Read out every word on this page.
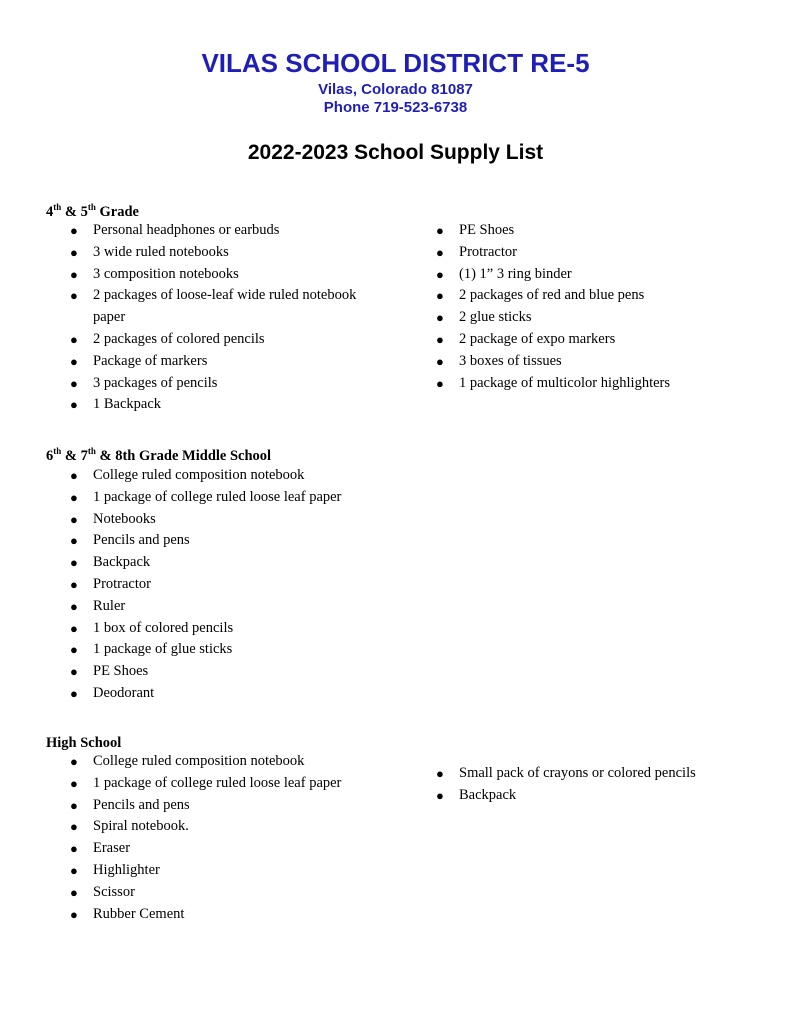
VILAS SCHOOL DISTRICT RE-5
Vilas, Colorado 81087
Phone 719-523-6738
2022-2023 School Supply List
4th & 5th Grade
● Personal headphones or earbuds
● 3 wide ruled notebooks
● 3 composition notebooks
● 2 packages of loose-leaf wide ruled notebook paper
● 2 packages of colored pencils
● Package of markers
● 3 packages of pencils
● 1 Backpack
● PE Shoes
● Protractor
● (1) 1” 3 ring binder
● 2 packages of red and blue pens
● 2 glue sticks
● 2 package of expo markers
● 3 boxes of tissues
● 1 package of multicolor highlighters
6th & 7th & 8th Grade Middle School
● College ruled composition notebook
● 1 package of college ruled loose leaf paper
● Notebooks
● Pencils and pens
● Backpack
● Protractor
● Ruler
● 1 box of colored pencils
● 1 package of glue sticks
● PE Shoes
● Deodorant
High School
● College ruled composition notebook
● 1 package of college ruled loose leaf paper
● Pencils and pens
● Spiral notebook.
● Eraser
● Highlighter
● Scissor
● Rubber Cement
● Small pack of crayons or colored pencils
● Backpack
